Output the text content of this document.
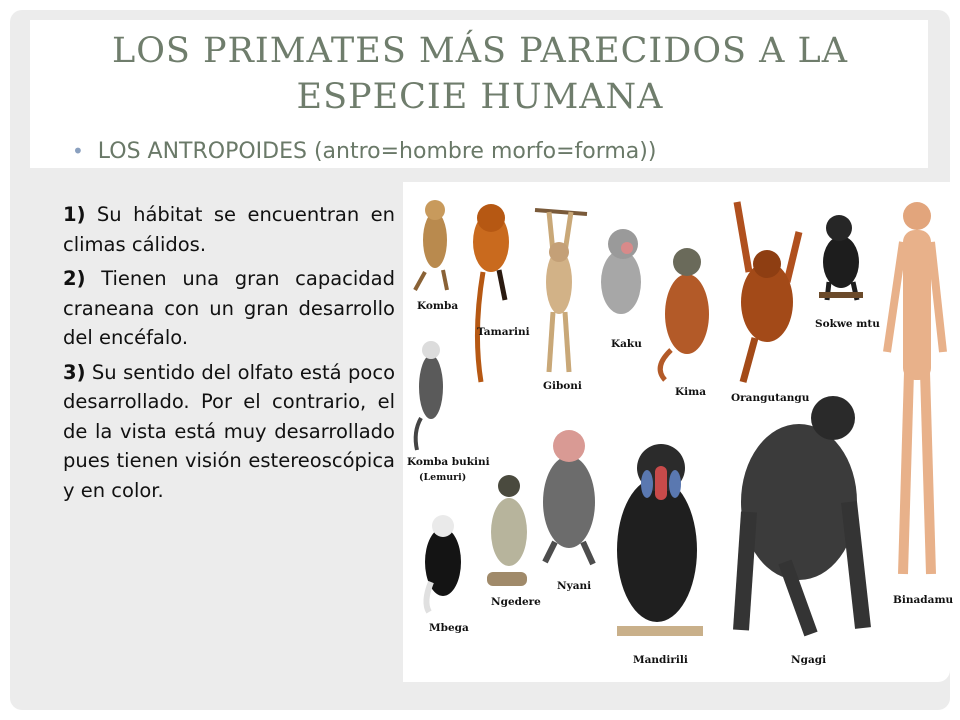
LOS PRIMATES MÁS PARECIDOS A LA ESPECIE HUMANA
• LOS ANTROPOIDES (antro=hombre morfo=forma))
1) Su hábitat se encuentran en climas cálidos.
2) Tienen una gran capacidad craneana con un gran desarrollo del encéfalo.
3) Su sentido del olfato está poco desarrollado. Por el contrario, el de la vista está muy desarrollado pues tienen visión estereoscópica y en color.
Komba
Tamarini
Giboni
Kaku
Kima Orangutangu
Sokwe mtu
Komba bukini
(Lemuri)
Mbega
Ngedere
Nyani
Mandirili	Ngagi
Binadamu
